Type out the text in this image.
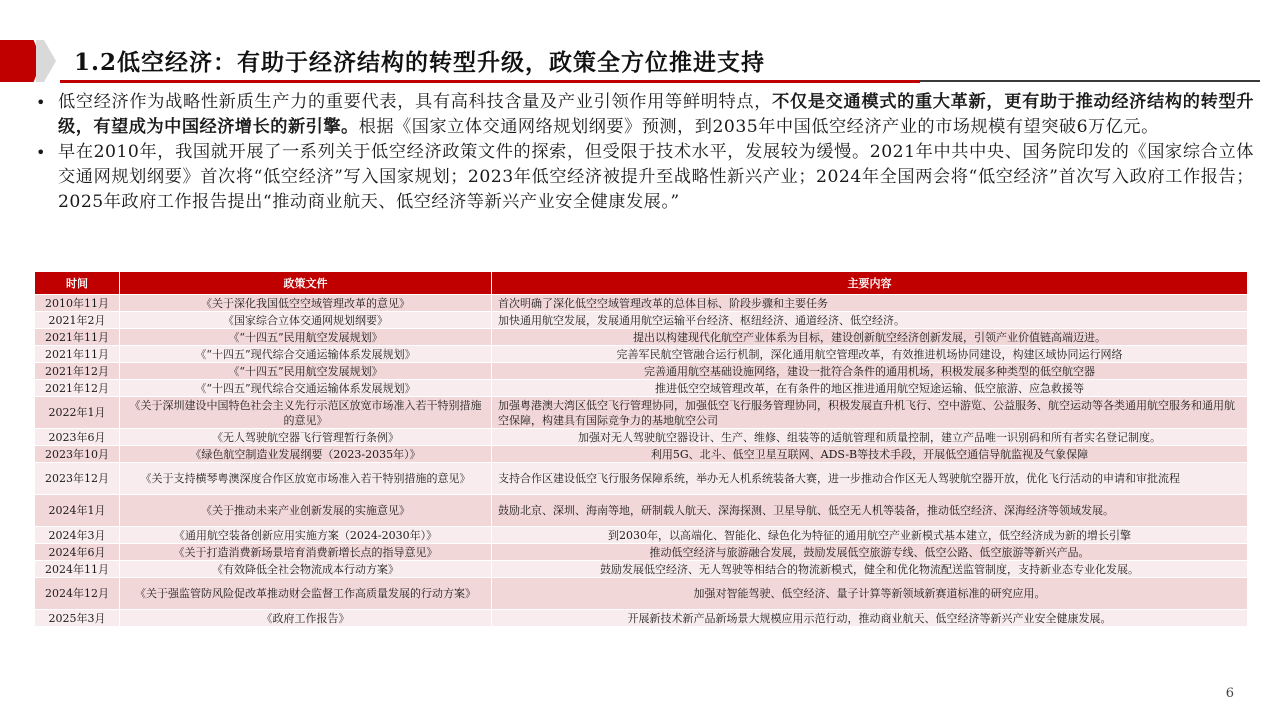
1.2低空经济：有助于经济结构的转型升级，政策全方位推进支持
• 低空经济作为战略性新质生产力的重要代表，具有高科技含量及产业引领作用等鲜明特点，不仅是交通模式的重大革新，更有助于推动经济结构的转型升级，有望成为中国经济增长的新引擎。根据《国家立体交通网络规划纲要》预测，到2035年中国低空经济产业的市场规模有望突破6万亿元。
• 早在2010年，我国就开展了一系列关于低空经济政策文件的探索，但受限于技术水平，发展较为缓慢。2021年中共中央、国务院印发的《国家综合立体交通网规划纲要》首次将“低空经济”写入国家规划；2023年低空经济被提升至战略性新兴产业；2024年全国两会将“低空经济”首次写入政府工作报告；2025年政府工作报告提出“推动商业航天、低空经济等新兴产业安全健康发展。”
时间	政策文件	主要内容
2010年11月	《关于深化我国低空空域管理改革的意见》	首次明确了深化低空空域管理改革的总体目标、阶段步骤和主要任务
2021年2月	《国家综合立体交通网规划纲要》	加快通用航空发展，发展通用航空运输平台经济、枢纽经济、通道经济、低空经济。
2021年11月	《“十四五”民用航空发展规划》	提出以构建现代化航空产业体系为目标，建设创新航空经济创新发展，引领产业价值链高端迈进。
2021年11月	《“十四五”现代综合交通运输体系发展规划》	完善军民航空管融合运行机制，深化通用航空管理改革，有效推进机场协同建设，构建区域协同运行网络
2021年12月	《“十四五”民用航空发展规划》	完善通用航空基础设施网络，建设一批符合条件的通用机场，积极发展多种类型的低空航空器
2021年12月	《“十四五”现代综合交通运输体系发展规划》	推进低空空域管理改革，在有条件的地区推进通用航空短途运输、低空旅游、应急救援等
2022年1月	《关于深圳建设中国特色社会主义先行示范区放宽市场准入若干特别措施的意见》	加强粤港澳大湾区低空飞行管理协同，加强低空飞行服务管理协同，积极发展直升机飞行、空中游览、公益服务、航空运动等各类通用航空服务和通用航空保障，构建具有国际竞争力的基地航空公司
2023年6月	《无人驾驶航空器飞行管理暂行条例》	加强对无人驾驶航空器设计、生产、维修、组装等的适航管理和质量控制，建立产品唯一识别码和所有者实名登记制度。
2023年10月	《绿色航空制造业发展纲要（2023-2035年）》	利用5G、北斗、低空卫星互联网、ADS-B等技术手段，开展低空通信导航监视及气象保障
2023年12月	《关于支持横琴粤澳深度合作区放宽市场准入若干特别措施的意见》	支持合作区建设低空飞行服务保障系统，举办无人机系统装备大赛，进一步推动合作区无人驾驶航空器开放，优化飞行活动的申请和审批流程
2024年1月	《关于推动未来产业创新发展的实施意见》	鼓励北京、深圳、海南等地，研制载人航天、深海探测、卫星导航、低空无人机等装备，推动低空经济、深海经济等领域发展。
2024年3月	《通用航空装备创新应用实施方案（2024-2030年）》	到2030年，以高端化、智能化、绿色化为特征的通用航空产业新模式基本建立，低空经济成为新的增长引擎
2024年6月	《关于打造消费新场景培育消费新增长点的指导意见》	推动低空经济与旅游融合发展，鼓励发展低空旅游专线、低空公路、低空旅游等新兴产品。
2024年11月	《有效降低全社会物流成本行动方案》	鼓励发展低空经济、无人驾驶等相结合的物流新模式，健全和优化物流配送监管制度，支持新业态专业化发展。
2024年12月	《关于强监管防风险促改革推动财会监督工作高质量发展的行动方案》	加强对智能驾驶、低空经济、量子计算等新领域新赛道标准的研究应用。
2025年3月	《政府工作报告》	开展新技术新产品新场景大规模应用示范行动，推动商业航天、低空经济等新兴产业安全健康发展。
6
